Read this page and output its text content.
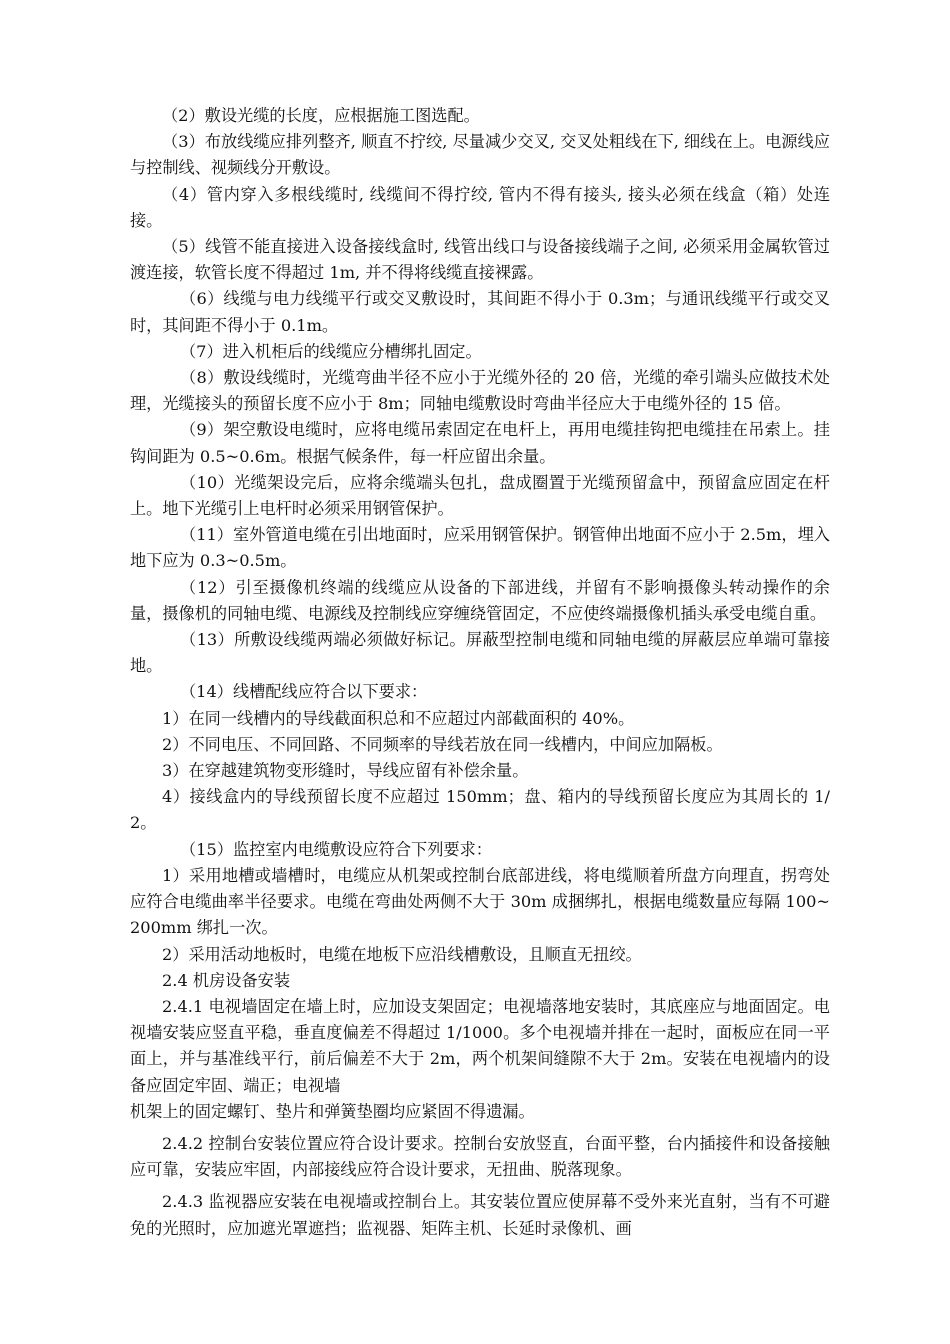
（2）敷设光缆的长度，应根据施工图选配。

（3）布放线缆应排列整齐, 顺直不拧绞, 尽量减少交叉, 交叉处粗线在下, 细线在上。电源线应与控制线、视频线分开敷设。

（4）管内穿入多根线缆时, 线缆间不得拧绞, 管内不得有接头, 接头必须在线盒（箱）处连接。

（5）线管不能直接进入设备接线盒时, 线管出线口与设备接线端子之间, 必须采用金属软管过渡连接，软管长度不得超过 1m, 并不得将线缆直接裸露。

（6）线缆与电力线缆平行或交叉敷设时，其间距不得小于 0.3m；与通讯线缆平行或交叉时，其间距不得小于 0.1m。

（7）进入机柜后的线缆应分槽绑扎固定。

（8）敷设线缆时，光缆弯曲半径不应小于光缆外径的 20 倍，光缆的牵引端头应做技术处理，光缆接头的预留长度不应小于 8m；同轴电缆敷设时弯曲半径应大于电缆外径的 15 倍。

（9）架空敷设电缆时，应将电缆吊索固定在电杆上，再用电缆挂钩把电缆挂在吊索上。挂钩间距为 0.5~0.6m。根据气候条件，每一杆应留出余量。

（10）光缆架设完后，应将余缆端头包扎，盘成圈置于光缆预留盒中，预留盒应固定在杆上。地下光缆引上电杆时必须采用钢管保护。

（11）室外管道电缆在引出地面时，应采用钢管保护。钢管伸出地面不应小于 2.5m，埋入地下应为 0.3~0.5m。

（12）引至摄像机终端的线缆应从设备的下部进线，并留有不影响摄像头转动操作的余量，摄像机的同轴电缆、电源线及控制线应穿缠绕管固定，不应使终端摄像机插头承受电缆自重。

（13）所敷设线缆两端必须做好标记。屏蔽型控制电缆和同轴电缆的屏蔽层应单端可靠接地。

（14）线槽配线应符合以下要求：

1）在同一线槽内的导线截面积总和不应超过内部截面积的 40%。

2）不同电压、不同回路、不同频率的导线若放在同一线槽内，中间应加隔板。

3）在穿越建筑物变形缝时，导线应留有补偿余量。

4）接线盒内的导线预留长度不应超过 150mm；盘、箱内的导线预留长度应为其周长的 1/2。

（15）监控室内电缆敷设应符合下列要求：

1）采用地槽或墙槽时，电缆应从机架或控制台底部进线，将电缆顺着所盘方向理直，拐弯处应符合电缆曲率半径要求。电缆在弯曲处两侧不大于 30m 成捆绑扎，根据电缆数量应每隔 100~200mm 绑扎一次。

2）采用活动地板时，电缆在地板下应沿线槽敷设，且顺直无扭绞。

2.4 机房设备安装

2.4.1 电视墙固定在墙上时，应加设支架固定；电视墙落地安装时，其底座应与地面固定。电视墙安装应竖直平稳，垂直度偏差不得超过 1/1000。多个电视墙并排在一起时，面板应在同一平面上，并与基准线平行，前后偏差不大于 2m，两个机架间缝隙不大于 2m。安装在电视墙内的设备应固定牢固、端正；电视墙

机架上的固定螺钉、垫片和弹簧垫圈均应紧固不得遗漏。

2.4.2 控制台安装位置应符合设计要求。控制台安放竖直，台面平整，台内插接件和设备接触应可靠，安装应牢固，内部接线应符合设计要求，无扭曲、脱落现象。

2.4.3 监视器应安装在电视墙或控制台上。其安装位置应使屏幕不受外来光直射，当有不可避免的光照时，应加遮光罩遮挡；监视器、矩阵主机、长延时录像机、画
